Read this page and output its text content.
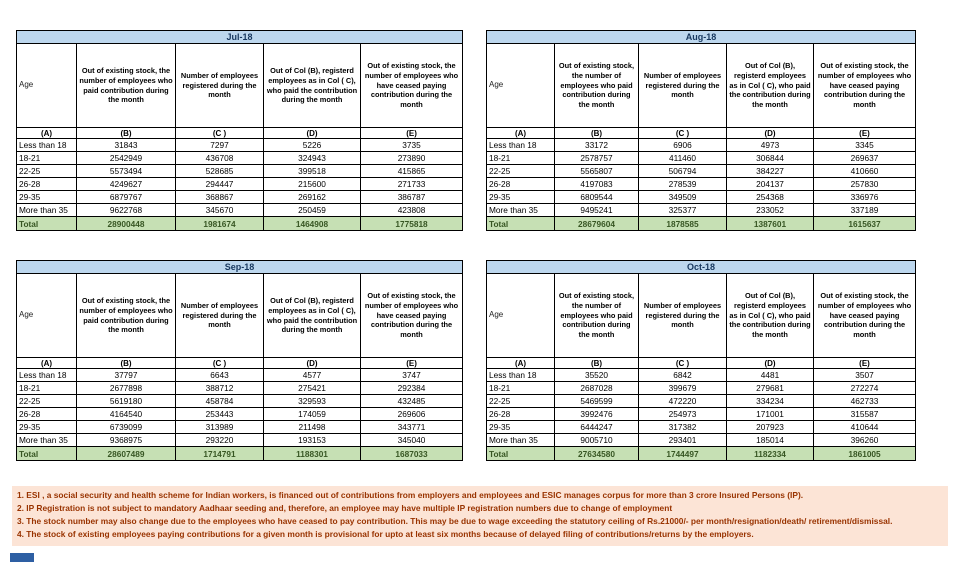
Jul-18				
Age	Out of existing stock, the number of employees who paid contribution during the month	Number of employees registered during the month	Out of Col (B), registerd employees as in Col ( C), who paid the contribution during the month	Out of existing stock, the number of employees who have ceased paying contribution during the month
(A)	(B)	(C )	(D)	(E)
Less than 18	31843	7297	5226	3735
18-21	2542949	436708	324943	273890
22-25	5573494	528685	399518	415865
26-28	4249627	294447	215600	271733
29-35	6879767	368867	269162	386787
More than 35	9622768	345670	250459	423808
Total	28900448	1981674	1464908	1775818
Aug-18				
Age	Out of existing stock, the number of employees who paid contribution during the month	Number of employees registered during the month	Out of Col (B), registerd employees as in Col ( C), who paid the contribution during the month	Out of existing stock, the number of employees who have ceased paying contribution during the month
(A)	(B)	(C )	(D)	(E)
Less than 18	33172	6906	4973	3345
18-21	2578757	411460	306844	269637
22-25	5565807	506794	384227	410660
26-28	4197083	278539	204137	257830
29-35	6809544	349509	254368	336976
More than 35	9495241	325377	233052	337189
Total	28679604	1878585	1387601	1615637
Sep-18				
Age	Out of existing stock, the number of employees who paid contribution during the month	Number of employees registered during the month	Out of Col (B), registerd employees as in Col ( C), who paid the contribution during the month	Out of existing stock, the number of employees who have ceased paying contribution during the month
(A)	(B)	(C )	(D)	(E)
Less than 18	37797	6643	4577	3747
18-21	2677898	388712	275421	292384
22-25	5619180	458784	329593	432485
26-28	4164540	253443	174059	269606
29-35	6739099	313989	211498	343771
More than 35	9368975	293220	193153	345040
Total	28607489	1714791	1188301	1687033
Oct-18				
Age	Out of existing stock, the number of employees who paid contribution during the month	Number of employees registered during the month	Out of Col (B), registerd employees as in Col ( C), who paid the contribution during the month	Out of existing stock, the number of employees who have ceased paying contribution during the month
(A)	(B)	(C )	(D)	(E)
Less than 18	35520	6842	4481	3507
18-21	2687028	399679	279681	272274
22-25	5469599	472220	334234	462733
26-28	3992476	254973	171001	315587
29-35	6444247	317382	207923	410644
More than 35	9005710	293401	185014	396260
Total	27634580	1744497	1182334	1861005
1. ESI , a social security and health scheme for Indian workers, is financed out of contributions from employers and employees and ESIC manages corpus for more than 3 crore Insured Persons (IP).
2. IP Registration is not subject to mandatory Aadhaar seeding and, therefore, an employee may have multiple IP registration numbers due to change of employment
3. The stock number may also change due to the employees who have ceased to pay contribution. This may be due to wage exceeding the statutory ceiling of Rs.21000/- per month/resignation/death/ retirement/dismissal.
4. The stock of existing employees paying contributions for a given month is provisional for upto at least six months because of delayed filing of contributions/returns by the employers.
